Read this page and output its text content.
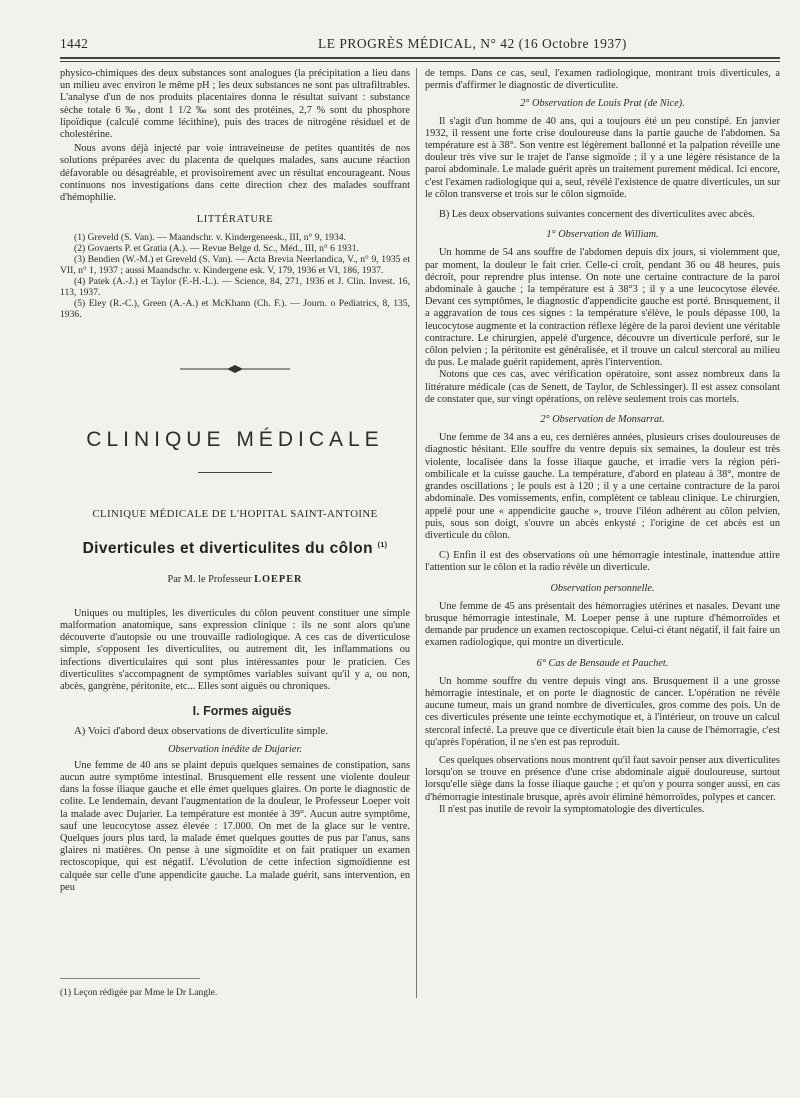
1442	LE PROGRÈS MÉDICAL, N° 42 (16 Octobre 1937)

physico-chimiques des deux substances sont analogues (la précipitation a lieu dans un milieu avec environ le même pH ; les deux substances ne sont pas ultrafiltrables. L'analyse d'un de nos produits placentaires donna le résultat suivant : substance sèche totale 6 ‰, dont 1 1/2 ‰ sont des protéines, 2,7 % sont du phosphore lipoïdique (calculé comme lécithine), puis des traces de nitrogène résiduel et de cholestérine.

Nous avons déjà injecté par voie intraveineuse de petites quantités de nos solutions préparées avec du placenta de quelques malades, sans aucune réaction défavorable ou désagréable, et provisoirement avec un résultat encourageant. Nous continuons nos investigations dans cette direction chez des malades souffrant d'hémophilie.

LITTÉRATURE

(1) Greveld (S. Van). — Maandschr. v. Kindergeneesk., III, n° 9, 1934.

(2) Govaerts P. et Gratia (A.). — Revue Belge d. Sc., Méd., III, n° 6 1931.

(3) Bendien (W.-M.) et Greveld (S. Van). — Acta Brevia Neerlandica, V., n° 9, 1935 et VII, n° 1, 1937 ; aussi Maandschr. v. Kindergene esk. V, 179, 1936 et VI, 186, 1937.

(4) Patek (A.-J.) et Taylor (F.-H.-L.). — Science, 84, 271, 1936 et J. Clin. Invest. 16, 113, 1937.

(5) Eley (R.-C.), Green (A.-A.) et McKhann (Ch. F.). — Journ. o Pediatrics, 8, 135, 1936.

CLINIQUE MÉDICALE

CLINIQUE MÉDICALE DE L'HOPITAL SAINT-ANTOINE

Diverticules et diverticulites du côlon $^{(1)}$

Par M. le Professeur LOEPER

Uniques ou multiples, les diverticules du côlon peuvent constituer une simple malformation anatomique, sans expression clinique : ils ne sont alors qu'une découverte d'autopsie ou une trouvaille radiologique. A ces cas de diverticulose simple, s'opposent les diverticulites, ou autrement dit, les inflammations ou infections diverticulaires qui sont plus intéressantes pour le praticien. Ces diverticulites s'accompagnent de symptômes variables suivant qu'il y a, ou non, abcès, gangrène, péritonite, etc... Elles sont aiguës ou chroniques.

I. Formes aiguës

A) Voici d'abord deux observations de diverticulite simple.

Observation inédite de Dujarier.

Une femme de 40 ans se plaint depuis quelques semaines de constipation, sans aucun autre symptôme intestinal. Brusquement elle ressent une violente douleur dans la fosse iliaque gauche et elle émet quelques glaires. On porte le diagnostic de colite. Le lendemain, devant l'augmentation de la douleur, le Professeur Loeper voit la malade avec Dujarier. La température est montée à 39°. Aucun autre symptôme, sauf une leucocytose assez élevée : 17.000. On met de la glace sur le ventre. Quelques jours plus tard, la malade émet quelques gouttes de pus par l'anus, sans glaires ni matières. On pense à une sigmoïdite et on fait pratiquer un examen rectoscopique, qui est négatif. L'évolution de cette infection sigmoïdienne est calquée sur celle d'une appendicite gauche. La malade guérit, sans intervention, en peu

(1) Leçon rédigée par Mme le Dr Langle.

de temps. Dans ce cas, seul, l'examen radiologique, montrant trois diverticules, a permis d'affirmer le diagnostic de diverticulite.

2° Observation de Louis Prat (de Nice).

Il s'agit d'un homme de 40 ans, qui a toujours été un peu constipé. En janvier 1932, il ressent une forte crise douloureuse dans la partie gauche de l'abdomen. Sa température est à 38°. Son ventre est légèrement ballonné et la palpation réveille une douleur très vive sur le trajet de l'anse sigmoïde ; il y a une légère résistance de la paroi abdominale. Le malade guérit après un traitement purement médical. Ici encore, c'est l'examen radiologique qui a, seul, révélé l'existence de quatre diverticules, un sur le côlon transverse et trois sur le côlon sigmoïde.

B) Les deux observations suivantes concernent des diverticulites avec abcès.

1° Observation de William.

Un homme de 54 ans souffre de l'abdomen depuis dix jours, si violemment que, par moment, la douleur le fait crier. Celle-ci croît, pendant 36 ou 48 heures, puis décroît, pour reprendre plus intense. On note une certaine contracture de la paroi abdominale à gauche ; la température est à 38°3 ; il y a une leucocytose élevée. Devant ces symptômes, le diagnostic d'appendicite gauche est porté. Brusquement, il a aggravation de tous ces signes : la température s'élève, le pouls dépasse 100, la leucocytose augmente et la contraction réflexe légère de la paroi devient une véritable contracture. Le chirurgien, appelé d'urgence, découvre un diverticule perforé, sur le côlon pelvien ; la péritonite est généralisée, et il trouve un calcul stercoral au milieu du pus. Le malade guérit rapidement, après l'intervention.

Notons que ces cas, avec vérification opératoire, sont assez nombreux dans la littérature médicale (cas de Senett, de Taylor, de Schlessinger). Il est assez consolant de constater que, sur vingt opérations, on relève seulement trois cas mortels.

2° Observation de Monsarrat.

Une femme de 34 ans a eu, ces dernières années, plusieurs crises douloureuses de diagnostic hésitant. Elle souffre du ventre depuis six semaines, la douleur est très violente, localisée dans la fosse iliaque gauche, et irradie vers la région péri-ombilicale et la cuisse gauche. La température, d'abord en plateau à 38°, montre de grandes oscillations ; le pouls est à 120 ; il y a une certaine contracture de la paroi abdominale. Des vomissements, enfin, complètent ce tableau clinique. Le chirurgien, appelé pour une « appendicite gauche », trouve l'iléon adhérent au côlon pelvien, puis, sous son doigt, s'ouvre un abcès enkysté ; l'origine de cet abcès est un diverticule du côlon.

C) Enfin il est des observations où une hémorragie intestinale, inattendue attire l'attention sur le côlon et la radio révèle un diverticule.

Observation personnelle.

Une femme de 45 ans présentait des hémorragies utérines et nasales. Devant une brusque hémorragie intestinale, M. Loeper pense à une rupture d'hémorroïdes et demande par prudence un examen rectoscopique. Celui-ci étant négatif, il fait faire un examen radiologique, qui montre un diverticule.

6° Cas de Bensaude et Pauchet.

Un homme souffre du ventre depuis vingt ans. Brusquement il a une grosse hémorragie intestinale, et on porte le diagnostic de cancer. L'opération ne révèle aucune tumeur, mais un grand nombre de diverticules, gros comme des pois. Un de ces diverticules présente une teinte ecchymotique et, à l'intérieur, on trouve un calcul stercoral infecté. La preuve que ce diverticule était bien la cause de l'hémorragie, c'est qu'après l'opération, il ne s'en est pas reproduit.

Ces quelques observations nous montrent qu'il faut savoir penser aux diverticulites lorsqu'on se trouve en présence d'une crise abdominale aiguë douloureuse, surtout lorsqu'elle siège dans la fosse iliaque gauche ; et qu'on y pourra songer aussi, en cas d'hémorragie intestinale brusque, après avoir éliminé hémorroïdes, polypes et cancer.

Il n'est pas inutile de revoir la symptomatologie des diverticules.
